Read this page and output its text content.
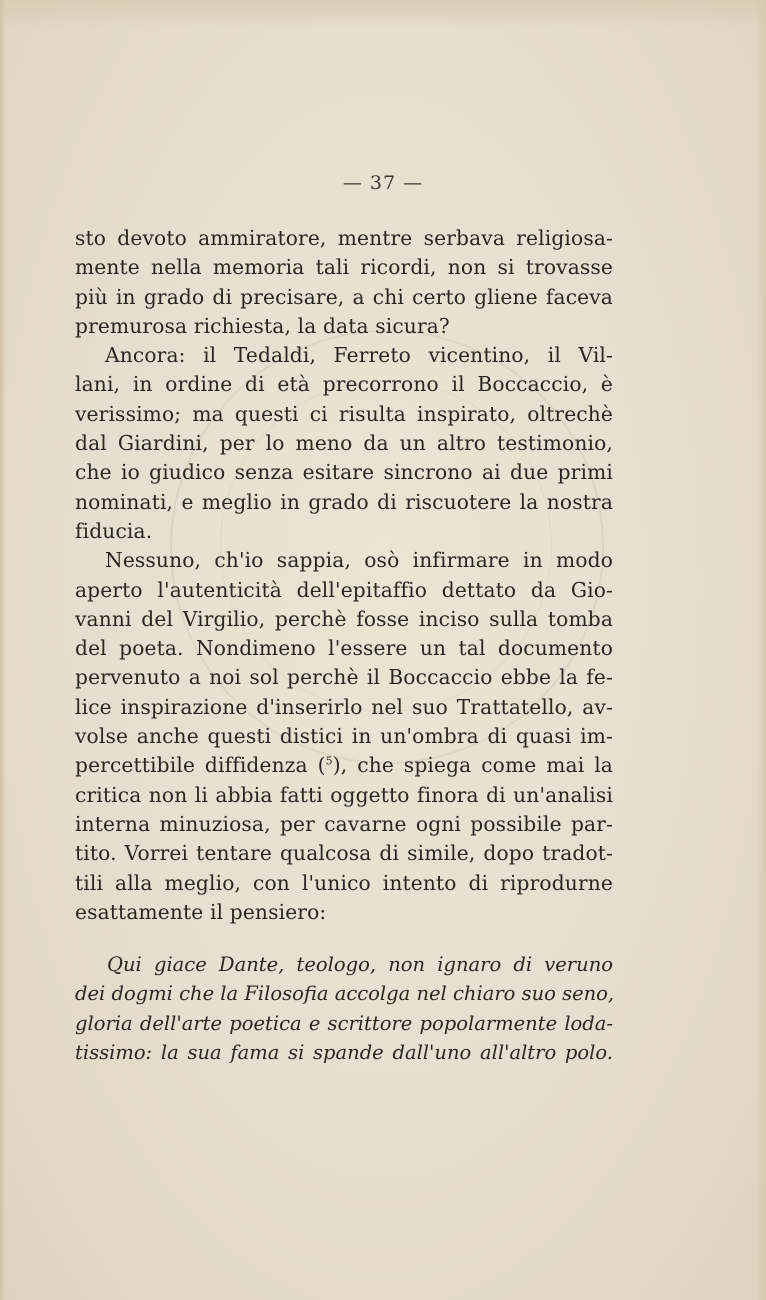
— 37 —

sto devoto ammiratore, mentre serbava religiosa-
mente nella memoria tali ricordi, non si trovasse
più in grado di precisare, a chi certo gliene faceva
premurosa richiesta, la data sicura?

Ancora: il Tedaldi, Ferreto vicentino, il Vil-
lani, in ordine di età precorrono il Boccaccio, è
verissimo; ma questi ci risulta inspirato, oltrechè
dal Giardini, per lo meno da un altro testimonio,
che io giudico senza esitare sincrono ai due primi
nominati, e meglio in grado di riscuotere la nostra
fiducia.

Nessuno, ch'io sappia, osò infirmare in modo
aperto l'autenticità dell'epitaffio dettato da Gio-
vanni del Virgilio, perchè fosse inciso sulla tomba
del poeta. Nondimeno l'essere un tal documento
pervenuto a noi sol perchè il Boccaccio ebbe la fe-
lice inspirazione d'inserirlo nel suo Trattatello, av-
volse anche questi distici in un'ombra di quasi im-
percettibile diffidenza ($^5$), che spiega come mai la
critica non li abbia fatti oggetto finora di un'analisi
interna minuziosa, per cavarne ogni possibile par-
tito. Vorrei tentare qualcosa di simile, dopo tradot-
tili alla meglio, con l'unico intento di riprodurne
esattamente il pensiero:

Qui giace Dante, teologo, non ignaro di veruno
dei dogmi che la Filosofia accolga nel chiaro suo seno,
gloria dell'arte poetica e scrittore popolarmente loda-
tissimo: la sua fama si spande dall'uno all'altro polo.
